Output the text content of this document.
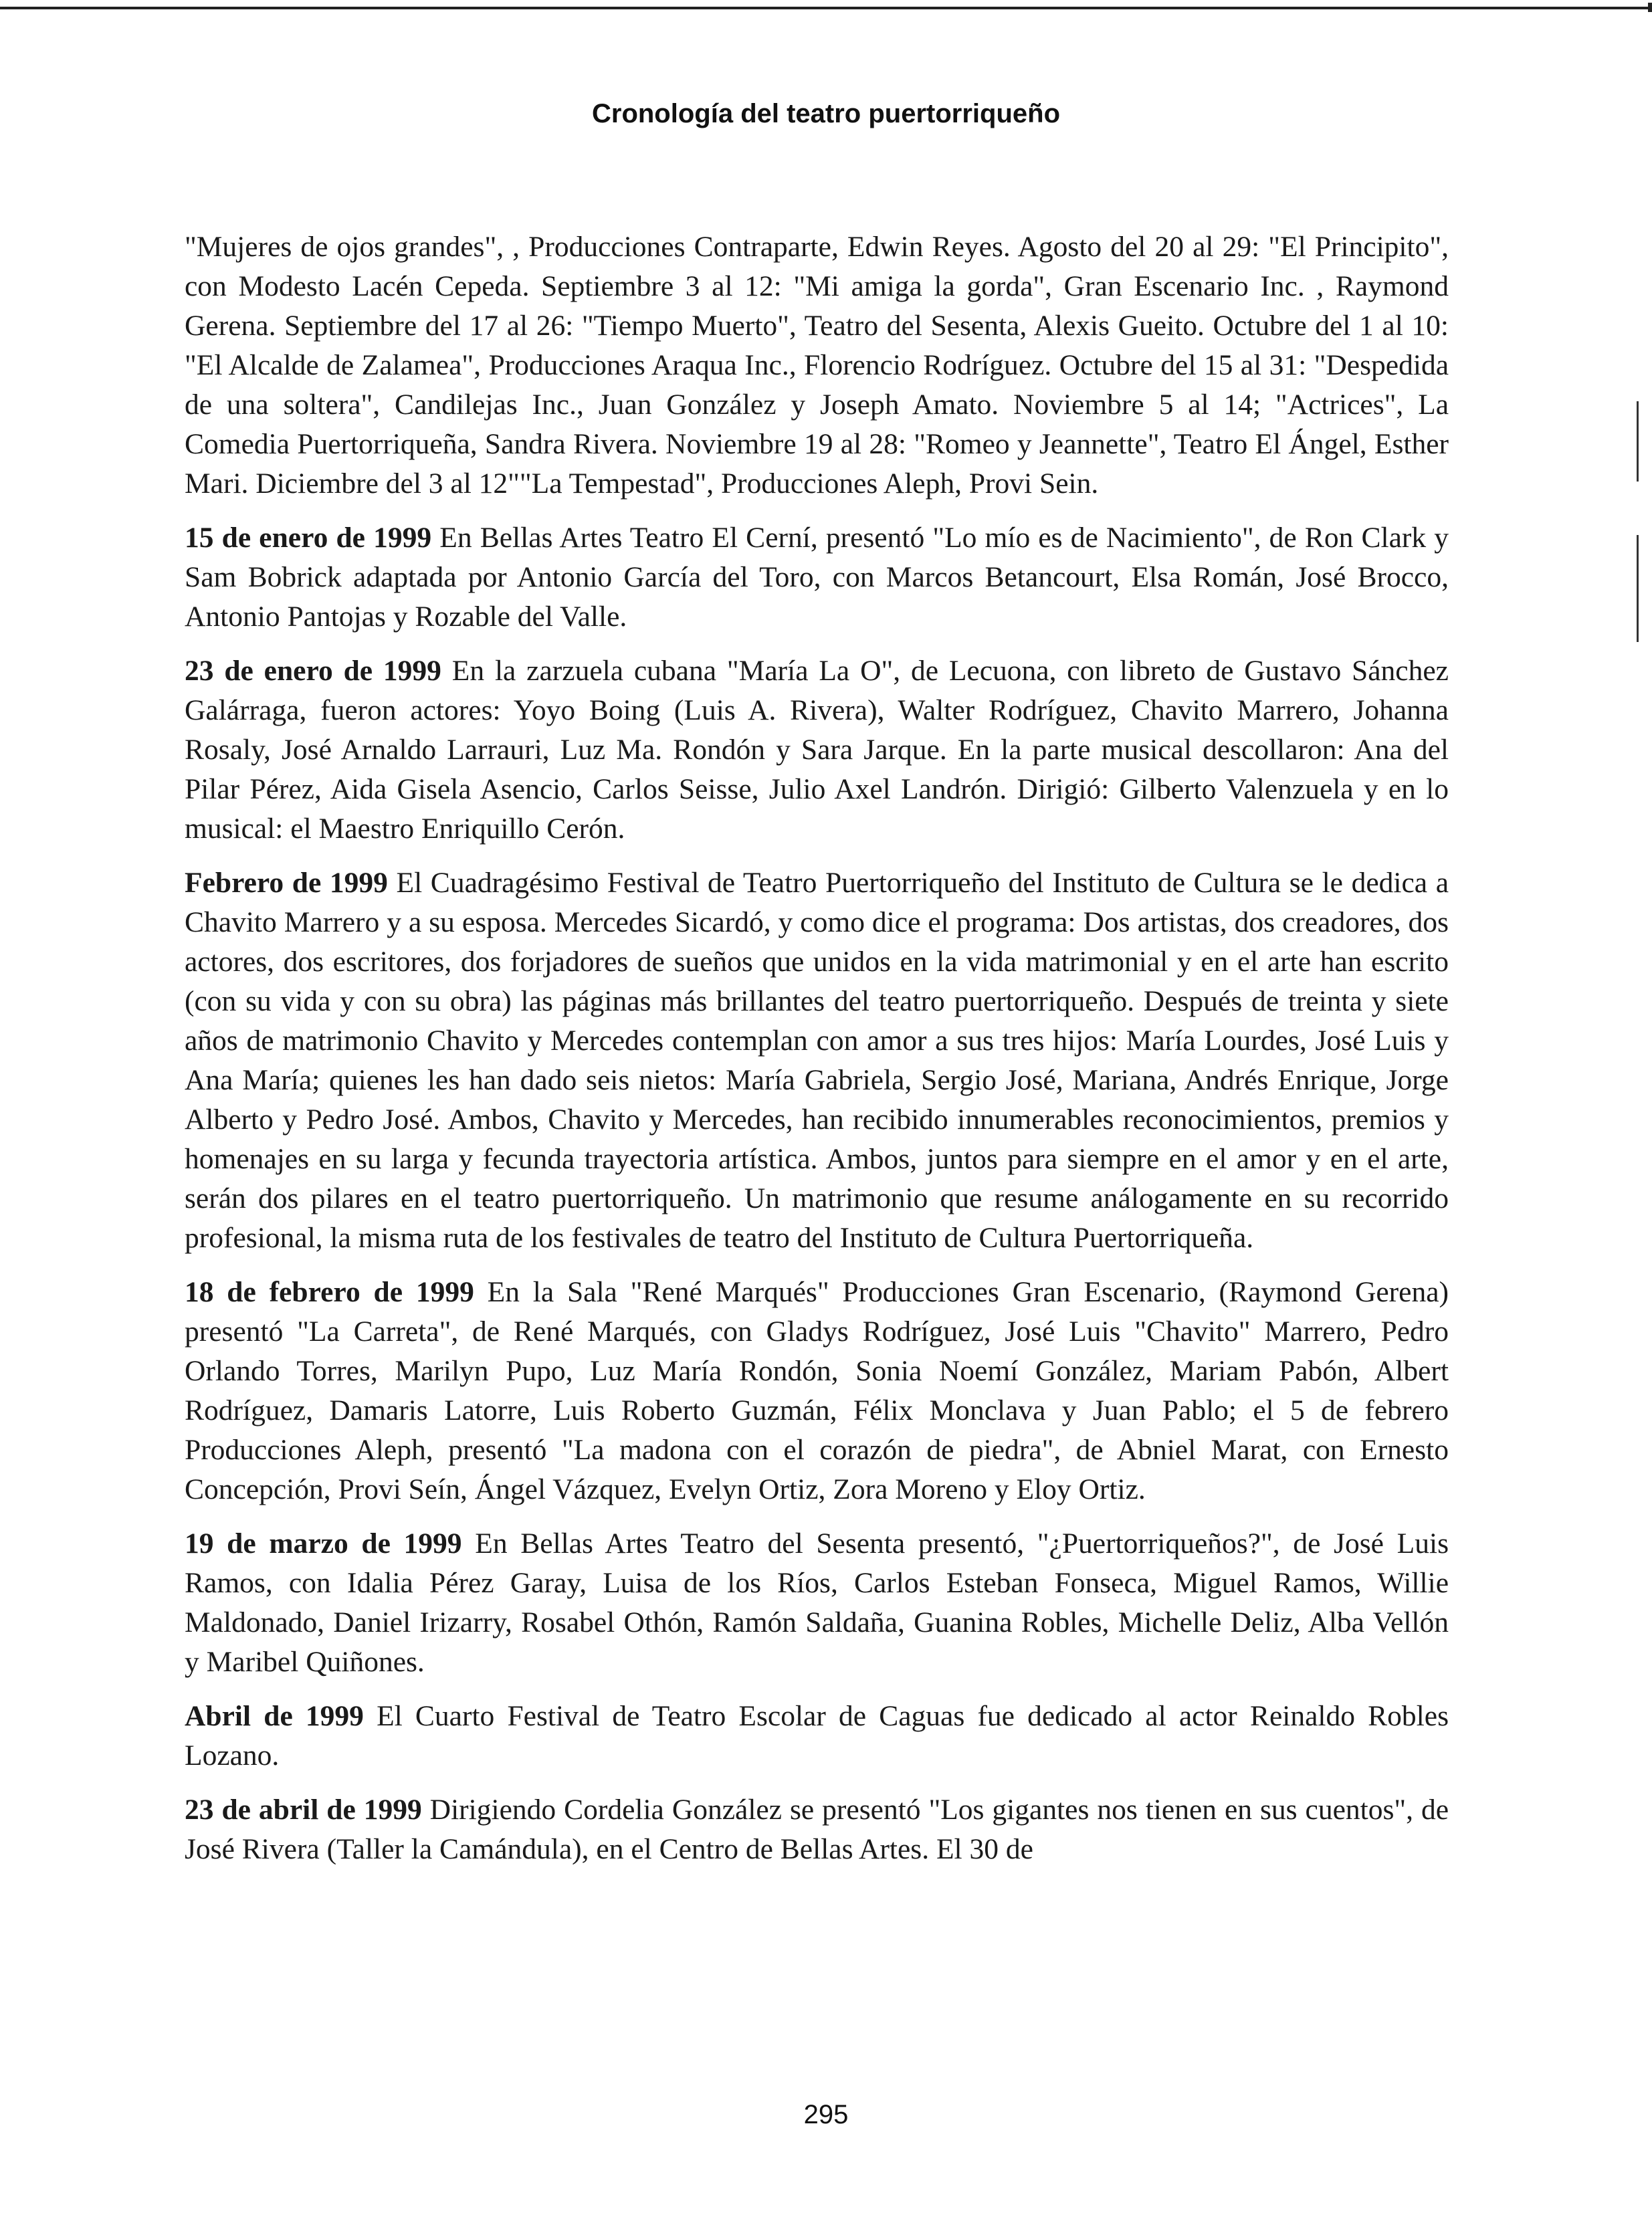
Cronología del teatro puertorriqueño

"Mujeres de ojos grandes", , Producciones Contraparte, Edwin Reyes. Agosto del 20 al 29: "El Principito", con Modesto Lacén Cepeda. Septiembre 3 al 12: "Mi amiga la gorda", Gran Escenario Inc. , Raymond Gerena. Septiembre del 17 al 26: "Tiempo Muerto", Teatro del Sesenta, Alexis Gueito. Octubre del 1 al 10: "El Alcalde de Zalamea", Producciones Araqua Inc., Florencio Rodríguez. Octubre del 15 al 31: "Despedida de una soltera", Candilejas Inc., Juan González y Joseph Amato. Noviembre 5 al 14; "Actrices", La Comedia Puertorriqueña, Sandra Rivera. Noviembre 19 al 28: "Romeo y Jeannette", Teatro El Ángel, Esther Mari. Diciembre del 3 al 12""La Tempestad", Producciones Aleph, Provi Sein.

15 de enero de 1999 En Bellas Artes Teatro El Cerní, presentó "Lo mío es de Nacimiento", de Ron Clark y Sam Bobrick adaptada por Antonio García del Toro, con Marcos Betancourt, Elsa Román, José Brocco, Antonio Pantojas y Rozable del Valle.

23 de enero de 1999 En la zarzuela cubana "María La O", de Lecuona, con libreto de Gustavo Sánchez Galárraga, fueron actores: Yoyo Boing (Luis A. Rivera), Walter Rodríguez, Chavito Marrero, Johanna Rosaly, José Arnaldo Larrauri, Luz Ma. Rondón y Sara Jarque. En la parte musical descollaron: Ana del Pilar Pérez, Aida Gisela Asencio, Carlos Seisse, Julio Axel Landrón. Dirigió: Gilberto Valenzuela y en lo musical: el Maestro Enriquillo Cerón.

Febrero de 1999 El Cuadragésimo Festival de Teatro Puertorriqueño del Instituto de Cultura se le dedica a Chavito Marrero y a su esposa. Mercedes Sicardó, y como dice el programa: Dos artistas, dos creadores, dos actores, dos escritores, dos forjadores de sueños que unidos en la vida matrimonial y en el arte han escrito (con su vida y con su obra) las páginas más brillantes del teatro puertorriqueño. Después de treinta y siete años de matrimonio Chavito y Mercedes contemplan con amor a sus tres hijos: María Lourdes, José Luis y Ana María; quienes les han dado seis nietos: María Gabriela, Sergio José, Mariana, Andrés Enrique, Jorge Alberto y Pedro José. Ambos, Chavito y Mercedes, han recibido innumerables reconocimientos, premios y homenajes en su larga y fecunda trayectoria artística. Ambos, juntos para siempre en el amor y en el arte, serán dos pilares en el teatro puertorriqueño. Un matrimonio que resume análogamente en su recorrido profesional, la misma ruta de los festivales de teatro del Instituto de Cultura Puertorriqueña.

18 de febrero de 1999 En la Sala "René Marqués" Producciones Gran Escenario, (Raymond Gerena) presentó "La Carreta", de René Marqués, con Gladys Rodríguez, José Luis "Chavito" Marrero, Pedro Orlando Torres, Marilyn Pupo, Luz María Rondón, Sonia Noemí González, Mariam Pabón, Albert Rodríguez, Damaris Latorre, Luis Roberto Guzmán, Félix Monclava y Juan Pablo; el 5 de febrero Producciones Aleph, presentó "La madona con el corazón de piedra", de Abniel Marat, con Ernesto Concepción, Provi Seín, Ángel Vázquez, Evelyn Ortiz, Zora Moreno y Eloy Ortiz.

19 de marzo de 1999 En Bellas Artes Teatro del Sesenta presentó, "¿Puertorriqueños?", de José Luis Ramos, con Idalia Pérez Garay, Luisa de los Ríos, Carlos Esteban Fonseca, Miguel Ramos, Willie Maldonado, Daniel Irizarry, Rosabel Othón, Ramón Saldaña, Guanina Robles, Michelle Deliz, Alba Vellón y Maribel Quiñones.

Abril de 1999 El Cuarto Festival de Teatro Escolar de Caguas fue dedicado al actor Reinaldo Robles Lozano.

23 de abril de 1999 Dirigiendo Cordelia González se presentó "Los gigantes nos tienen en sus cuentos", de José Rivera (Taller la Camándula), en el Centro de Bellas Artes. El 30 de

295
